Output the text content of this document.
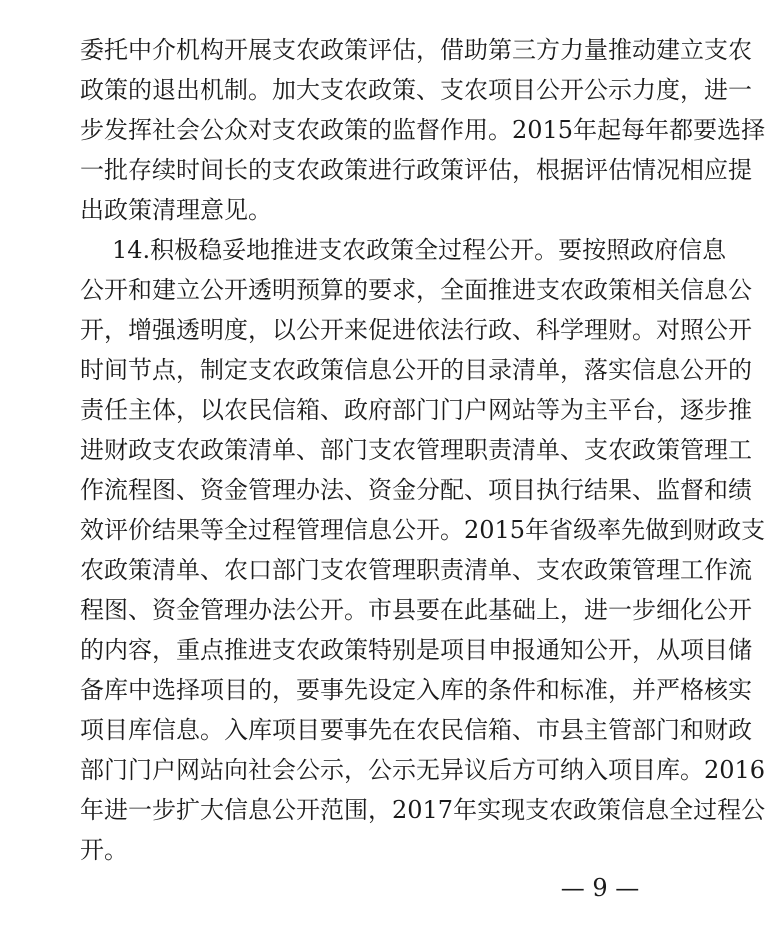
委托中介机构开展支农政策评估，借助第三方力量推动建立支农
政策的退出机制。加大支农政策、支农项目公开公示力度，进一
步发挥社会公众对支农政策的监督作用。2015年起每年都要选择
一批存续时间长的支农政策进行政策评估，根据评估情况相应提
出政策清理意见。
14.积极稳妥地推进支农政策全过程公开。要按照政府信息
公开和建立公开透明预算的要求，全面推进支农政策相关信息公
开，增强透明度，以公开来促进依法行政、科学理财。对照公开
时间节点，制定支农政策信息公开的目录清单，落实信息公开的
责任主体，以农民信箱、政府部门门户网站等为主平台，逐步推
进财政支农政策清单、部门支农管理职责清单、支农政策管理工
作流程图、资金管理办法、资金分配、项目执行结果、监督和绩
效评价结果等全过程管理信息公开。2015年省级率先做到财政支
农政策清单、农口部门支农管理职责清单、支农政策管理工作流
程图、资金管理办法公开。市县要在此基础上，进一步细化公开
的内容，重点推进支农政策特别是项目申报通知公开，从项目储
备库中选择项目的，要事先设定入库的条件和标准，并严格核实
项目库信息。入库项目要事先在农民信箱、市县主管部门和财政
部门门户网站向社会公示，公示无异议后方可纳入项目库。2016
年进一步扩大信息公开范围，2017年实现支农政策信息全过程公
开。
— 9 —
